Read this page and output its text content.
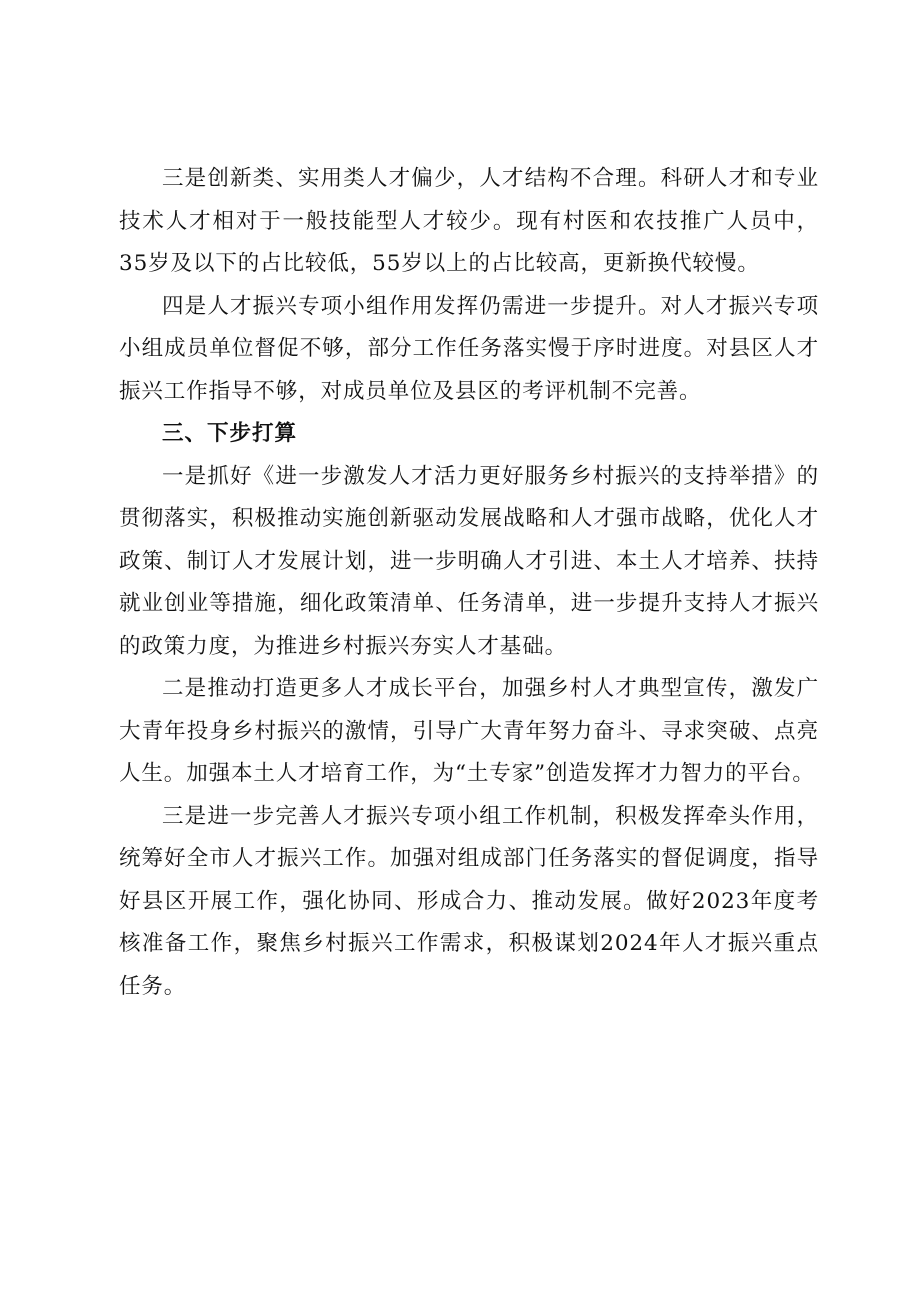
三是创新类、实用类人才偏少，人才结构不合理。科研人才和专业技术人才相对于一般技能型人才较少。现有村医和农技推广人员中，35岁及以下的占比较低，55岁以上的占比较高，更新换代较慢。

四是人才振兴专项小组作用发挥仍需进一步提升。对人才振兴专项小组成员单位督促不够，部分工作任务落实慢于序时进度。对县区人才振兴工作指导不够，对成员单位及县区的考评机制不完善。

三、下步打算

一是抓好《进一步激发人才活力更好服务乡村振兴的支持举措》的贯彻落实，积极推动实施创新驱动发展战略和人才强市战略，优化人才政策、制订人才发展计划，进一步明确人才引进、本土人才培养、扶持就业创业等措施，细化政策清单、任务清单，进一步提升支持人才振兴的政策力度，为推进乡村振兴夯实人才基础。

二是推动打造更多人才成长平台，加强乡村人才典型宣传，激发广大青年投身乡村振兴的激情，引导广大青年努力奋斗、寻求突破、点亮人生。加强本土人才培育工作，为“土专家”创造发挥才力智力的平台。

三是进一步完善人才振兴专项小组工作机制，积极发挥牵头作用，统筹好全市人才振兴工作。加强对组成部门任务落实的督促调度，指导好县区开展工作，强化协同、形成合力、推动发展。做好2023年度考核准备工作，聚焦乡村振兴工作需求，积极谋划2024年人才振兴重点任务。
